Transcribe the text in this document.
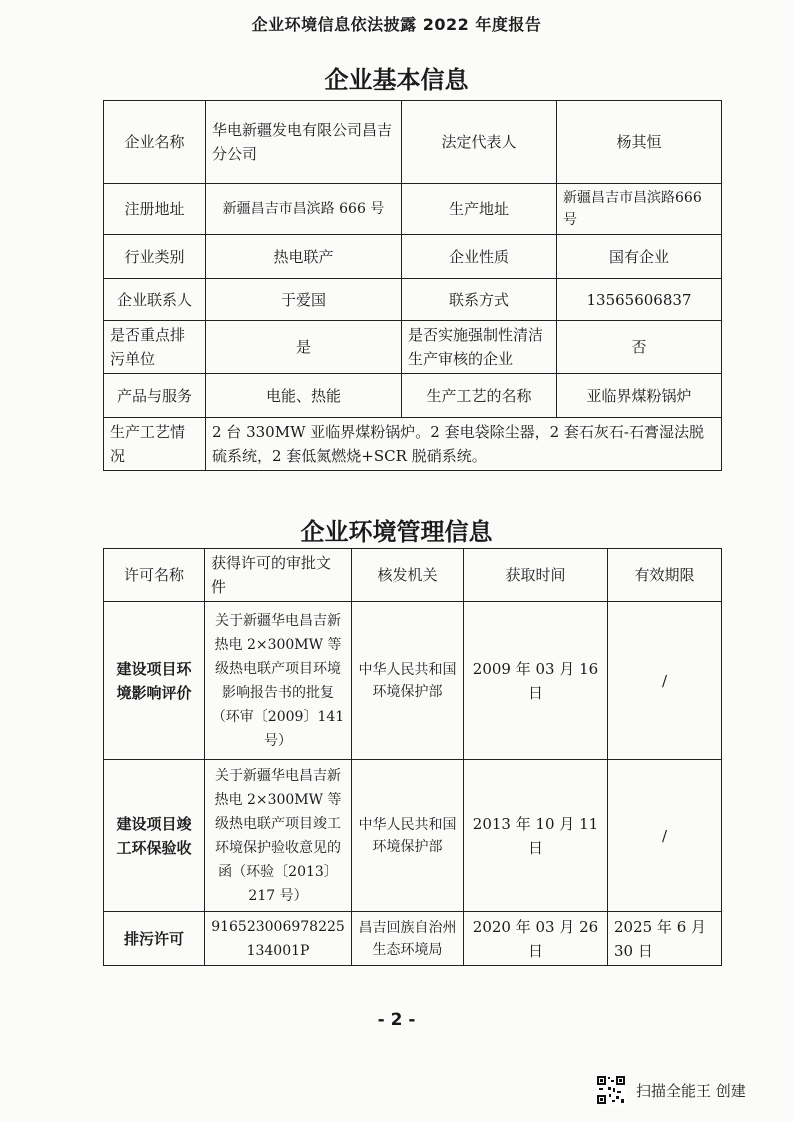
企业环境信息依法披露 2022 年度报告
企业基本信息
企业名称	华电新疆发电有限公司昌吉分公司	法定代表人	杨其恒
注册地址	新疆昌吉市昌滨路 666 号	生产地址	新疆昌吉市昌滨路666 号
行业类别	热电联产	企业性质	国有企业
企业联系人	于爱国	联系方式	13565606837
是否重点排污单位	是	是否实施强制性清洁生产审核的企业	否
产品与服务	电能、热能	生产工艺的名称	亚临界煤粉锅炉
生产工艺情况	2 台 330MW 亚临界煤粉锅炉。2 套电袋除尘器，2 套石灰石-石膏湿法脱硫系统，2 套低氮燃烧+SCR 脱硝系统。		
企业环境管理信息
许可名称	获得许可的审批文件	核发机关	获取时间	有效期限
建设项目环境影响评价	关于新疆华电昌吉新热电 2×300MW 等级热电联产项目环境影响报告书的批复（环审〔2009〕141 号）	中华人民共和国环境保护部	2009 年 03 月 16 日	/
建设项目竣工环保验收	关于新疆华电昌吉新热电 2×300MW 等级热电联产项目竣工环境保护验收意见的函（环验〔2013〕217 号）	中华人民共和国环境保护部	2013 年 10 月 11 日	/
排污许可	916523006978225134001P	昌吉回族自治州生态环境局	2020 年 03 月 26 日	2025 年 6 月 30 日
- 2 -
扫描全能王 创建
